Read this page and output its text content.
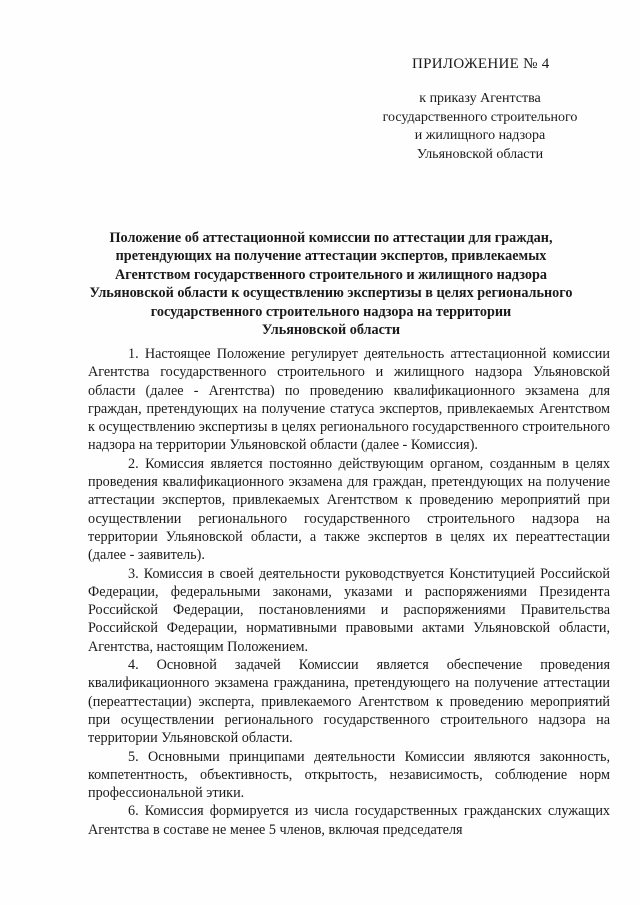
ПРИЛОЖЕНИЕ № 4
к приказу Агентства
государственного строительного
и жилищного надзора
Ульяновской области
Положение об аттестационной комиссии по аттестации для граждан,
претендующих на получение аттестации экспертов, привлекаемых
Агентством государственного строительного и жилищного надзора
Ульяновской области к осуществлению экспертизы в целях регионального
государственного строительного надзора на территории
Ульяновской области

1. Настоящее Положение регулирует деятельность аттестационной комиссии Агентства государственного строительного и жилищного надзора Ульяновской области (далее - Агентства) по проведению квалификационного экзамена для граждан, претендующих на получение статуса экспертов, привлекаемых Агентством к осуществлению экспертизы в целях регионального государственного строительного надзора на территории Ульяновской области (далее - Комиссия).

2. Комиссия является постоянно действующим органом, созданным в целях проведения квалификационного экзамена для граждан, претендующих на получение аттестации экспертов, привлекаемых Агентством к проведению мероприятий при осуществлении регионального государственного строительного надзора на территории Ульяновской области, а также экспертов в целях их переаттестации (далее - заявитель).

3. Комиссия в своей деятельности руководствуется Конституцией Российской Федерации, федеральными законами, указами и распоряжениями Президента Российской Федерации, постановлениями и распоряжениями Правительства Российской Федерации, нормативными правовыми актами Ульяновской области, Агентства, настоящим Положением.

4. Основной задачей Комиссии является обеспечение проведения квалификационного экзамена гражданина, претендующего на получение аттестации (переаттестации) эксперта, привлекаемого Агентством к проведению мероприятий при осуществлении регионального государственного строительного надзора на территории Ульяновской области.

5. Основными принципами деятельности Комиссии являются законность, компетентность, объективность, открытость, независимость, соблюдение норм профессиональной этики.

6. Комиссия формируется из числа государственных гражданских служащих Агентства в составе не менее 5 членов, включая председателя
